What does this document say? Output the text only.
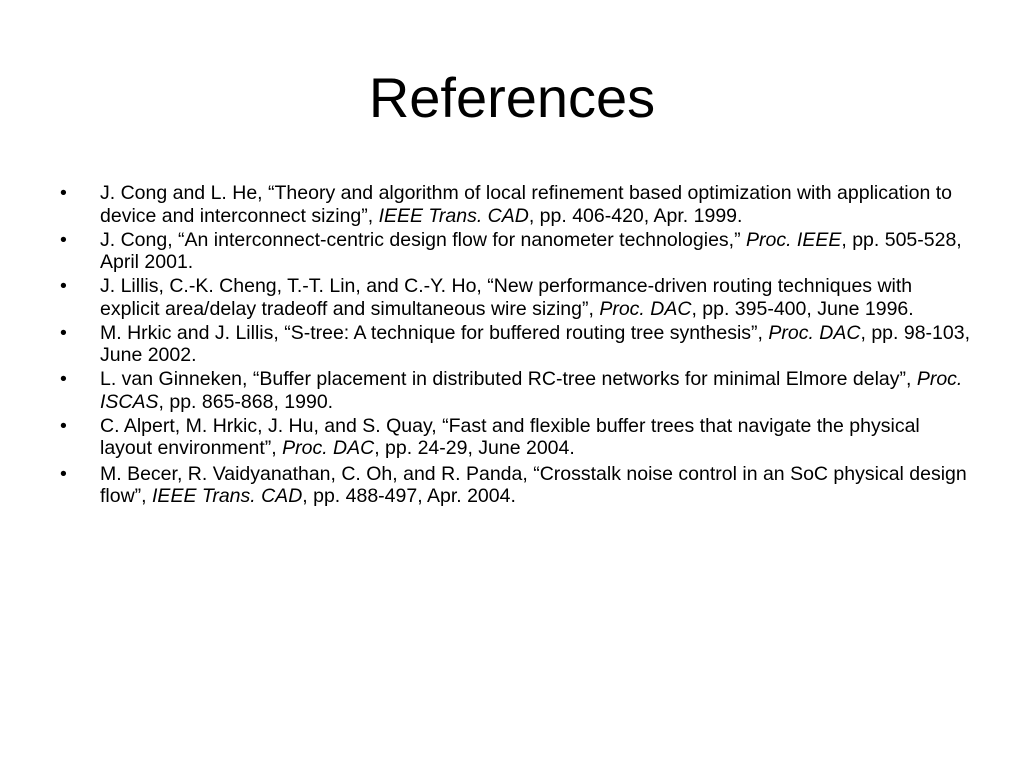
References
• J. Cong and L. He, “Theory and algorithm of local refinement based optimization with application to device and interconnect sizing”, IEEE Trans. CAD, pp. 406-420, Apr. 1999.
• J. Cong, “An interconnect-centric design flow for nanometer technologies,” Proc. IEEE, pp. 505-528, April 2001.
• J. Lillis, C.-K. Cheng, T.-T. Lin, and C.-Y. Ho, “New performance-driven routing techniques with explicit area/delay tradeoff and simultaneous wire sizing”, Proc. DAC, pp. 395-400, June 1996.
• M. Hrkic and J. Lillis, “S-tree: A technique for buffered routing tree synthesis”, Proc. DAC, pp. 98-103, June 2002.
• L. van Ginneken, “Buffer placement in distributed RC-tree networks for minimal Elmore delay”, Proc. ISCAS, pp. 865-868, 1990.
• C. Alpert, M. Hrkic, J. Hu, and S. Quay, “Fast and flexible buffer trees that navigate the physical layout environment”, Proc. DAC, pp. 24-29, June 2004.
• M. Becer, R. Vaidyanathan, C. Oh, and R. Panda, “Crosstalk noise control in an SoC physical design flow”, IEEE Trans. CAD, pp. 488-497, Apr. 2004.
